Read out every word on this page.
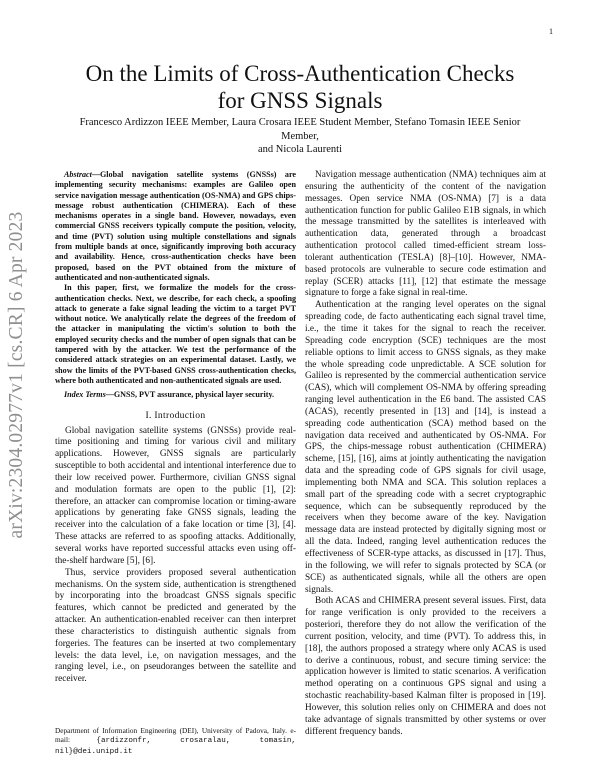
1
arXiv:2304.02977v1 [cs.CR] 6 Apr 2023
On the Limits of Cross-Authentication Checks
for GNSS Signals
Francesco Ardizzon IEEE Member, Laura Crosara IEEE Student Member, Stefano Tomasin IEEE Senior Member,
and Nicola Laurenti

Abstract—Global navigation satellite systems (GNSSs) are implementing security mechanisms: examples are Galileo open service navigation message authentication (OS-NMA) and GPS chips-message robust authentication (CHIMERA). Each of these mechanisms operates in a single band. However, nowadays, even commercial GNSS receivers typically compute the position, velocity, and time (PVT) solution using multiple constellations and signals from multiple bands at once, significantly improving both accuracy and availability. Hence, cross-authentication checks have been proposed, based on the PVT obtained from the mixture of authenticated and non-authenticated signals.

In this paper, first, we formalize the models for the cross-authentication checks. Next, we describe, for each check, a spoofing attack to generate a fake signal leading the victim to a target PVT without notice. We analytically relate the degrees of the freedom of the attacker in manipulating the victim's solution to both the employed security checks and the number of open signals that can be tampered with by the attacker. We test the performance of the considered attack strategies on an experimental dataset. Lastly, we show the limits of the PVT-based GNSS cross-authentication checks, where both authenticated and non-authenticated signals are used.

Index Terms—GNSS, PVT assurance, physical layer security.

I. Introduction

Global navigation satellite systems (GNSSs) provide real-time positioning and timing for various civil and military applications. However, GNSS signals are particularly susceptible to both accidental and intentional interference due to their low received power. Furthermore, civilian GNSS signal and modulation formats are open to the public [1], [2]: therefore, an attacker can compromise location or timing-aware applications by generating fake GNSS signals, leading the receiver into the calculation of a fake location or time [3], [4]. These attacks are referred to as spoofing attacks. Additionally, several works have reported successful attacks even using off-the-shelf hardware [5], [6].

Thus, service providers proposed several authentication mechanisms. On the system side, authentication is strengthened by incorporating into the broadcast GNSS signals specific features, which cannot be predicted and generated by the attacker. An authentication-enabled receiver can then interpret these characteristics to distinguish authentic signals from forgeries. The features can be inserted at two complementary levels: the data level, i.e, on navigation messages, and the ranging level, i.e., on pseudoranges between the satellite and receiver.

Navigation message authentication (NMA) techniques aim at ensuring the authenticity of the content of the navigation messages. Open service NMA (OS-NMA) [7] is a data authentication function for public Galileo E1B signals, in which the message transmitted by the satellites is interleaved with authentication data, generated through a broadcast authentication protocol called timed-efficient stream loss-tolerant authentication (TESLA) [8]–[10]. However, NMA-based protocols are vulnerable to secure code estimation and replay (SCER) attacks [11], [12] that estimate the message signature to forge a fake signal in real-time.

Authentication at the ranging level operates on the signal spreading code, de facto authenticating each signal travel time, i.e., the time it takes for the signal to reach the receiver. Spreading code encryption (SCE) techniques are the most reliable options to limit access to GNSS signals, as they make the whole spreading code unpredictable. A SCE solution for Galileo is represented by the commercial authentication service (CAS), which will complement OS-NMA by offering spreading ranging level authentication in the E6 band. The assisted CAS (ACAS), recently presented in [13] and [14], is instead a spreading code authentication (SCA) method based on the navigation data received and authenticated by OS-NMA. For GPS, the chips-message robust authentication (CHIMERA) scheme, [15], [16], aims at jointly authenticating the navigation data and the spreading code of GPS signals for civil usage, implementing both NMA and SCA. This solution replaces a small part of the spreading code with a secret cryptographic sequence, which can be subsequently reproduced by the receivers when they become aware of the key. Navigation message data are instead protected by digitally signing most or all the data. Indeed, ranging level authentication reduces the effectiveness of SCER-type attacks, as discussed in [17]. Thus, in the following, we will refer to signals protected by SCA (or SCE) as authenticated signals, while all the others are open signals.

Both ACAS and CHIMERA present several issues. First, data for range verification is only provided to the receivers a posteriori, therefore they do not allow the verification of the current position, velocity, and time (PVT). To address this, in [18], the authors proposed a strategy where only ACAS is used to derive a continuous, robust, and secure timing service: the application however is limited to static scenarios. A verification method operating on a continuous GPS signal and using a stochastic reachability-based Kalman filter is proposed in [19]. However, this solution relies only on CHIMERA and does not take advantage of signals transmitted by other systems or over different frequency bands.

Department of Information Engineering (DEI), University of Padova, Italy. e-mail:	{ardizzonfr, crosaralau, tomasin, nil}@dei.unipd.it
